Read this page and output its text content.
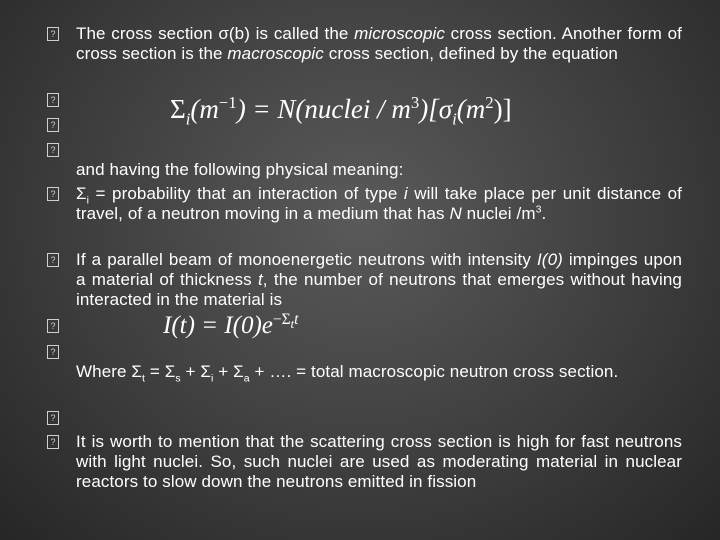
?
?
?
?
?
?
?
?
?
?
The cross section σ(b) is called the microscopic cross section. Another form of cross section is the macroscopic cross section, defined by the equation
$\Sigma_i(m^{-1})$ = N(nuclei / $m^3)[\sigma_i(m^2)]$
and having the following physical meaning:
$\Sigma_i$ = probability that an interaction of type i will take place per unit distance of travel, of a neutron moving in a medium that has N nuclei $/m^3$.
If a parallel beam of monoenergetic neutrons with intensity I(0) impinges upon a material of thickness t, the number of neutrons that emerges without having interacted in the material is
$I(t) = I(0)e^{-\Sigma_tt}$
Where $\Sigma_t = \Sigma_s + \Sigma_i + \Sigma_a$ + …. = total macroscopic neutron cross section.
It is worth to mention that the scattering cross section is high for fast neutrons with light nuclei. So, such nuclei are used as moderating material in nuclear reactors to slow down the neutrons emitted in fission
